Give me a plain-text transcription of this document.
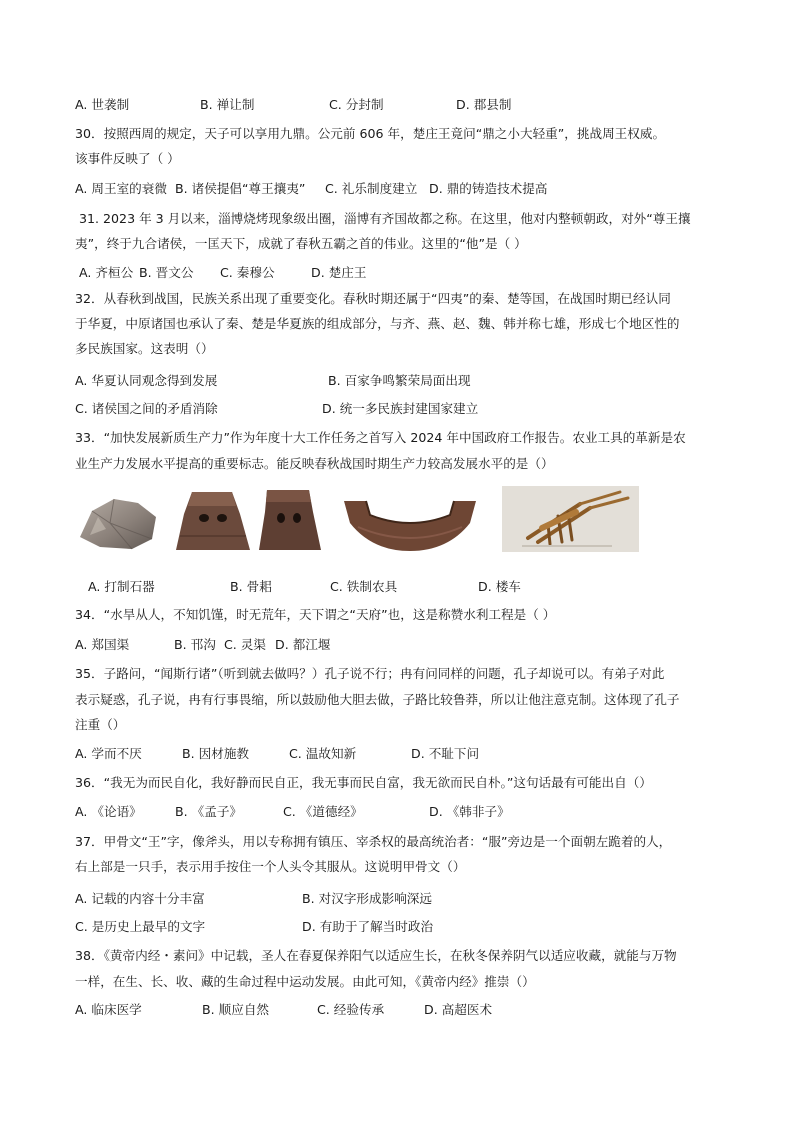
A. 世袭制	B. 禅让制	C. 分封制	D. 郡县制
30．按照西周的规定，天子可以享用九鼎。公元前 606 年，楚庄王竟问“鼎之小大轻重”，挑战周王权威。
该事件反映了（ ）
A. 周王室的衰微 B. 诸侯提倡“尊王攘夷” C. 礼乐制度建立 D. 鼎的铸造技术提高
31. 2023 年 3 月以来，淄博烧烤现象级出圈，淄博有齐国故都之称。在这里，他对内整顿朝政，对外“尊王攘
夷”，终于九合诸侯，一匡天下，成就了春秋五霸之首的伟业。这里的“他”是（ ）
A. 齐桓公 B. 晋文公 C. 秦穆公	D. 楚庄王
32．从春秋到战国，民族关系出现了重要变化。春秋时期还属于“四夷”的秦、楚等国，在战国时期已经认同
于华夏，中原诸国也承认了秦、楚是华夏族的组成部分，与齐、燕、赵、魏、韩并称七雄，形成七个地区性的
多民族国家。这表明（）
A. 华夏认同观念得到发展	B. 百家争鸣繁荣局面出现
C. 诸侯国之间的矛盾消除	D. 统一多民族封建国家建立
33．“加快发展新质生产力”作为年度十大工作任务之首写入 2024 年中国政府工作报告。农业工具的革新是农
业生产力发展水平提高的重要标志。能反映春秋战国时期生产力较高发展水平的是（）
A. 打制石器	B. 骨耜	C. 铁制农具	D. 楼车
34．“水旱从人，不知饥馑，时无荒年，天下谓之“天府”也，这是称赞水利工程是（ ）
A. 郑国渠	B. 邗沟 C. 灵渠 D. 都江堰
35．子路问，“闻斯行诸”（听到就去做吗？）孔子说不行；冉有问同样的问题，孔子却说可以。有弟子对此
表示疑惑，孔子说，冉有行事畏缩，所以鼓励他大胆去做，子路比较鲁莽，所以让他注意克制。这体现了孔子
注重（）
A. 学而不厌	B. 因材施教	C. 温故知新	D. 不耻下问
36．“我无为而民自化，我好静而民自正，我无事而民自富，我无欲而民自朴。”这句话最有可能出自（）
A. 《论语》	B. 《孟子》	C. 《道德经》	D. 《韩非子》
37．甲骨文“王”字，像斧头，用以专称拥有镇压、宰杀权的最高统治者：“服”旁边是一个面朝左跪着的人，
右上部是一只手，表示用手按住一个人头令其服从。这说明甲骨文（）
A. 记载的内容十分丰富	B. 对汉字形成影响深远
C. 是历史上最早的文字	D. 有助于了解当时政治
38．《黄帝内经・素问》中记载，圣人在春夏保养阳气以适应生长，在秋冬保养阴气以适应收藏，就能与万物
一样，在生、长、收、藏的生命过程中运动发展。由此可知，《黄帝内经》推崇（）
A. 临床医学	B. 顺应自然	C. 经验传承	D. 高超医术
